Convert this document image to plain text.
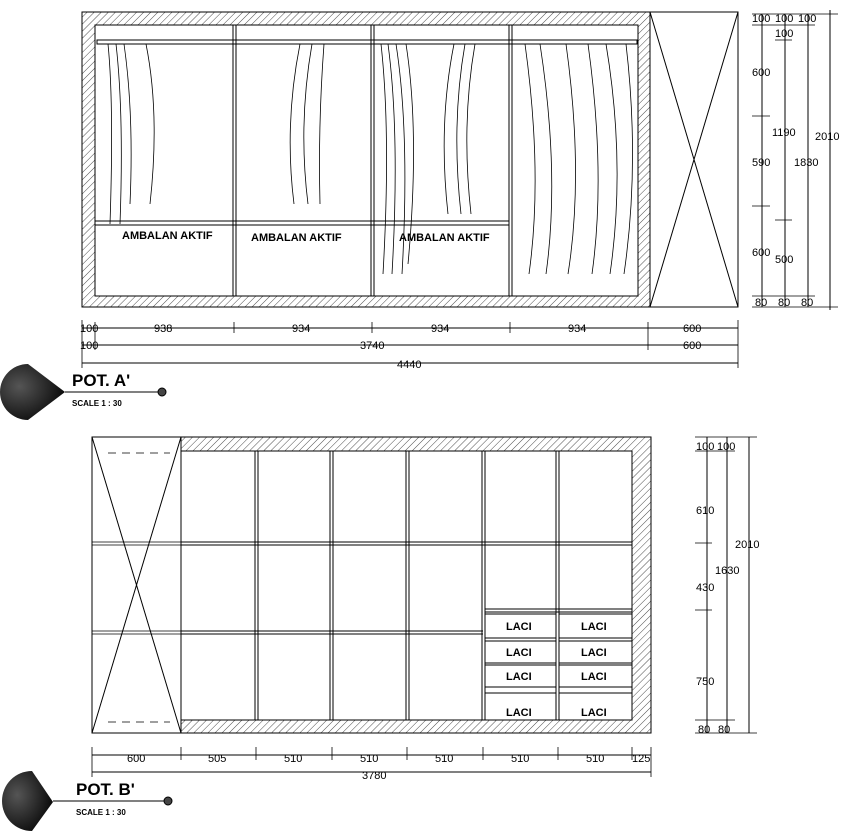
AMBALAN AKTIF	AMBALAN AKTIF	AMBALAN AKTIF
100	938	934	934	934	600
100	3740	600
4440
100
600
590
600
80
100
100
1190
500
80
100
1830
80
2010
POT. A'
SCALE 1 : 30
LACI	LACI
LACI	LACI
LACI	LACI
LACI	LACI
600	505	510	510	510	510	510	125
3780
100
610
430
750
80
100
1630
80
2010
POT. B'
SCALE 1 : 30
